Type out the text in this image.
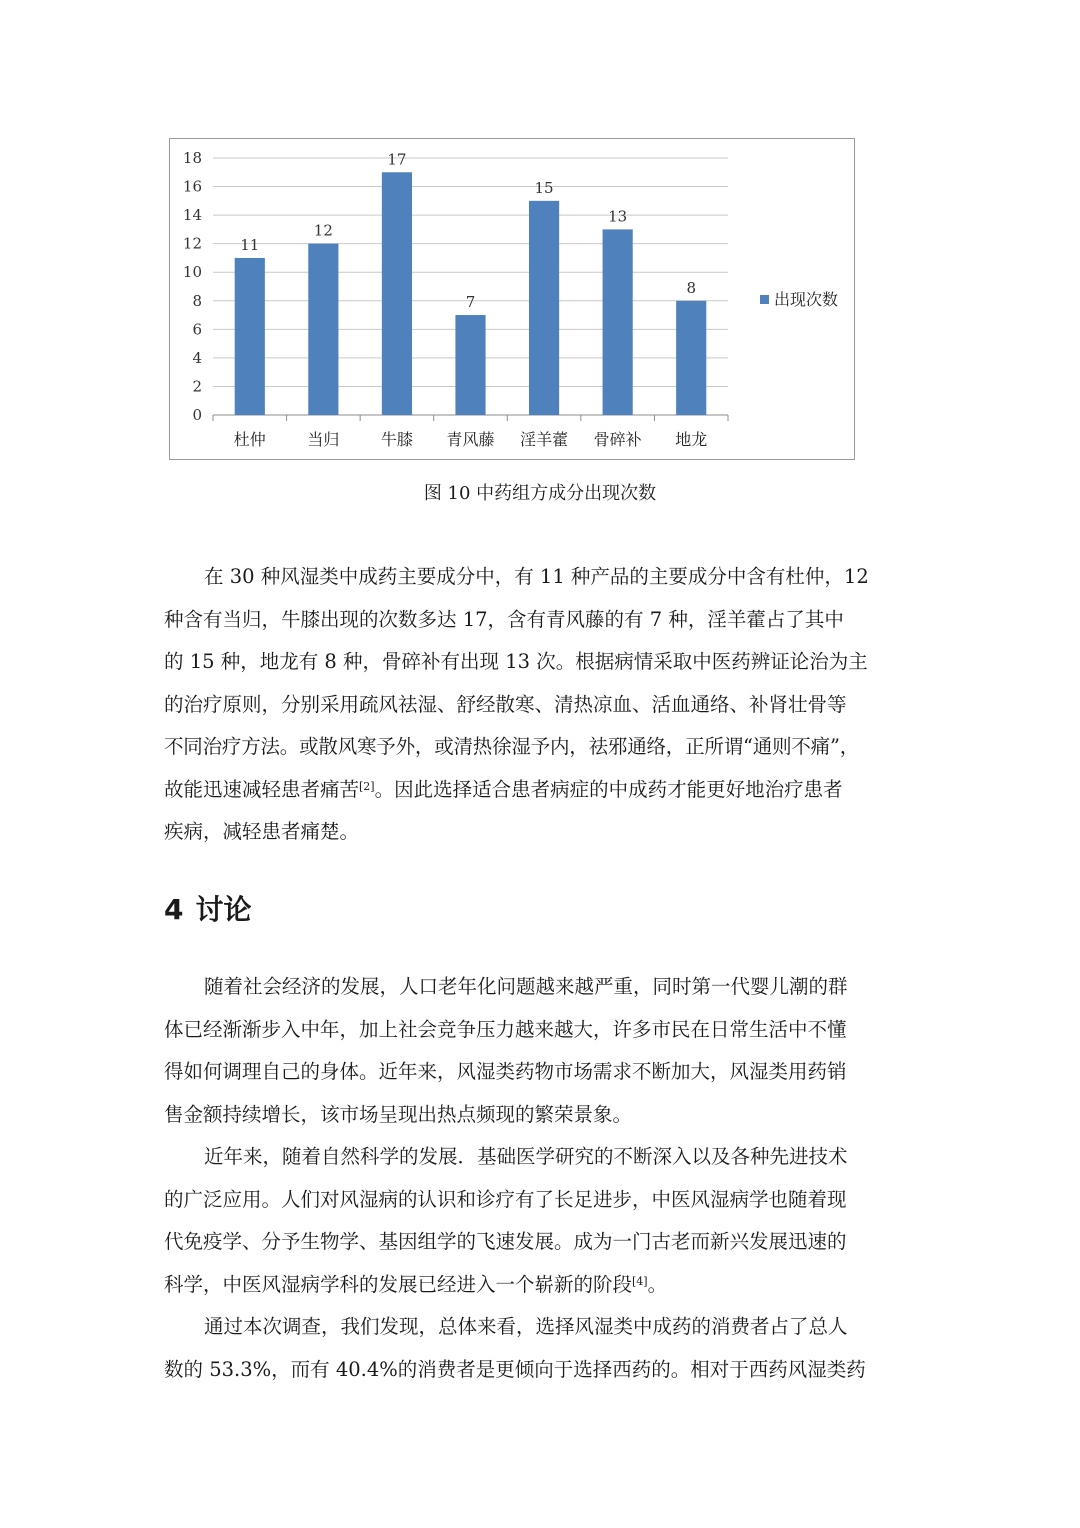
0
2
4
6
8
10
12
14
16
18
11
杜仲
12
当归
17
牛膝
7
青风藤
15
淫羊藿
13
骨碎补
8
地龙
出现次数
图 10 中药组方成分出现次数
在 30 种风湿类中成药主要成分中，有 11 种产品的主要成分中含有杜仲，12
种含有当归，牛膝出现的次数多达 17，含有青风藤的有 7 种，淫羊藿占了其中
的 15 种，地龙有 8 种，骨碎补有出现 13 次。根据病情采取中医药辨证论治为主
的治疗原则，分别采用疏风祛湿、舒经散寒、清热凉血、活血通络、补肾壮骨等
不同治疗方法。或散风寒予外，或清热徐湿予内，祛邪通络，正所谓“通则不痛”，
故能迅速减轻患者痛苦[2]。因此选择适合患者病症的中成药才能更好地治疗患者
疾病，减轻患者痛楚。
4 讨论
随着社会经济的发展，人口老年化问题越来越严重，同时第一代婴儿潮的群
体已经渐渐步入中年，加上社会竞争压力越来越大，许多市民在日常生活中不懂
得如何调理自己的身体。近年来，风湿类药物市场需求不断加大，风湿类用药销
售金额持续增长，该市场呈现出热点频现的繁荣景象。
近年来，随着自然科学的发展．基础医学研究的不断深入以及各种先进技术
的广泛应用。人们对风湿病的认识和诊疗有了长足进步，中医风湿病学也随着现
代免疫学、分予生物学、基因组学的飞速发展。成为一门古老而新兴发展迅速的
科学，中医风湿病学科的发展已经进入一个崭新的阶段[4]。
通过本次调查，我们发现，总体来看，选择风湿类中成药的消费者占了总人
数的 53.3%，而有 40.4%的消费者是更倾向于选择西药的。相对于西药风湿类药
